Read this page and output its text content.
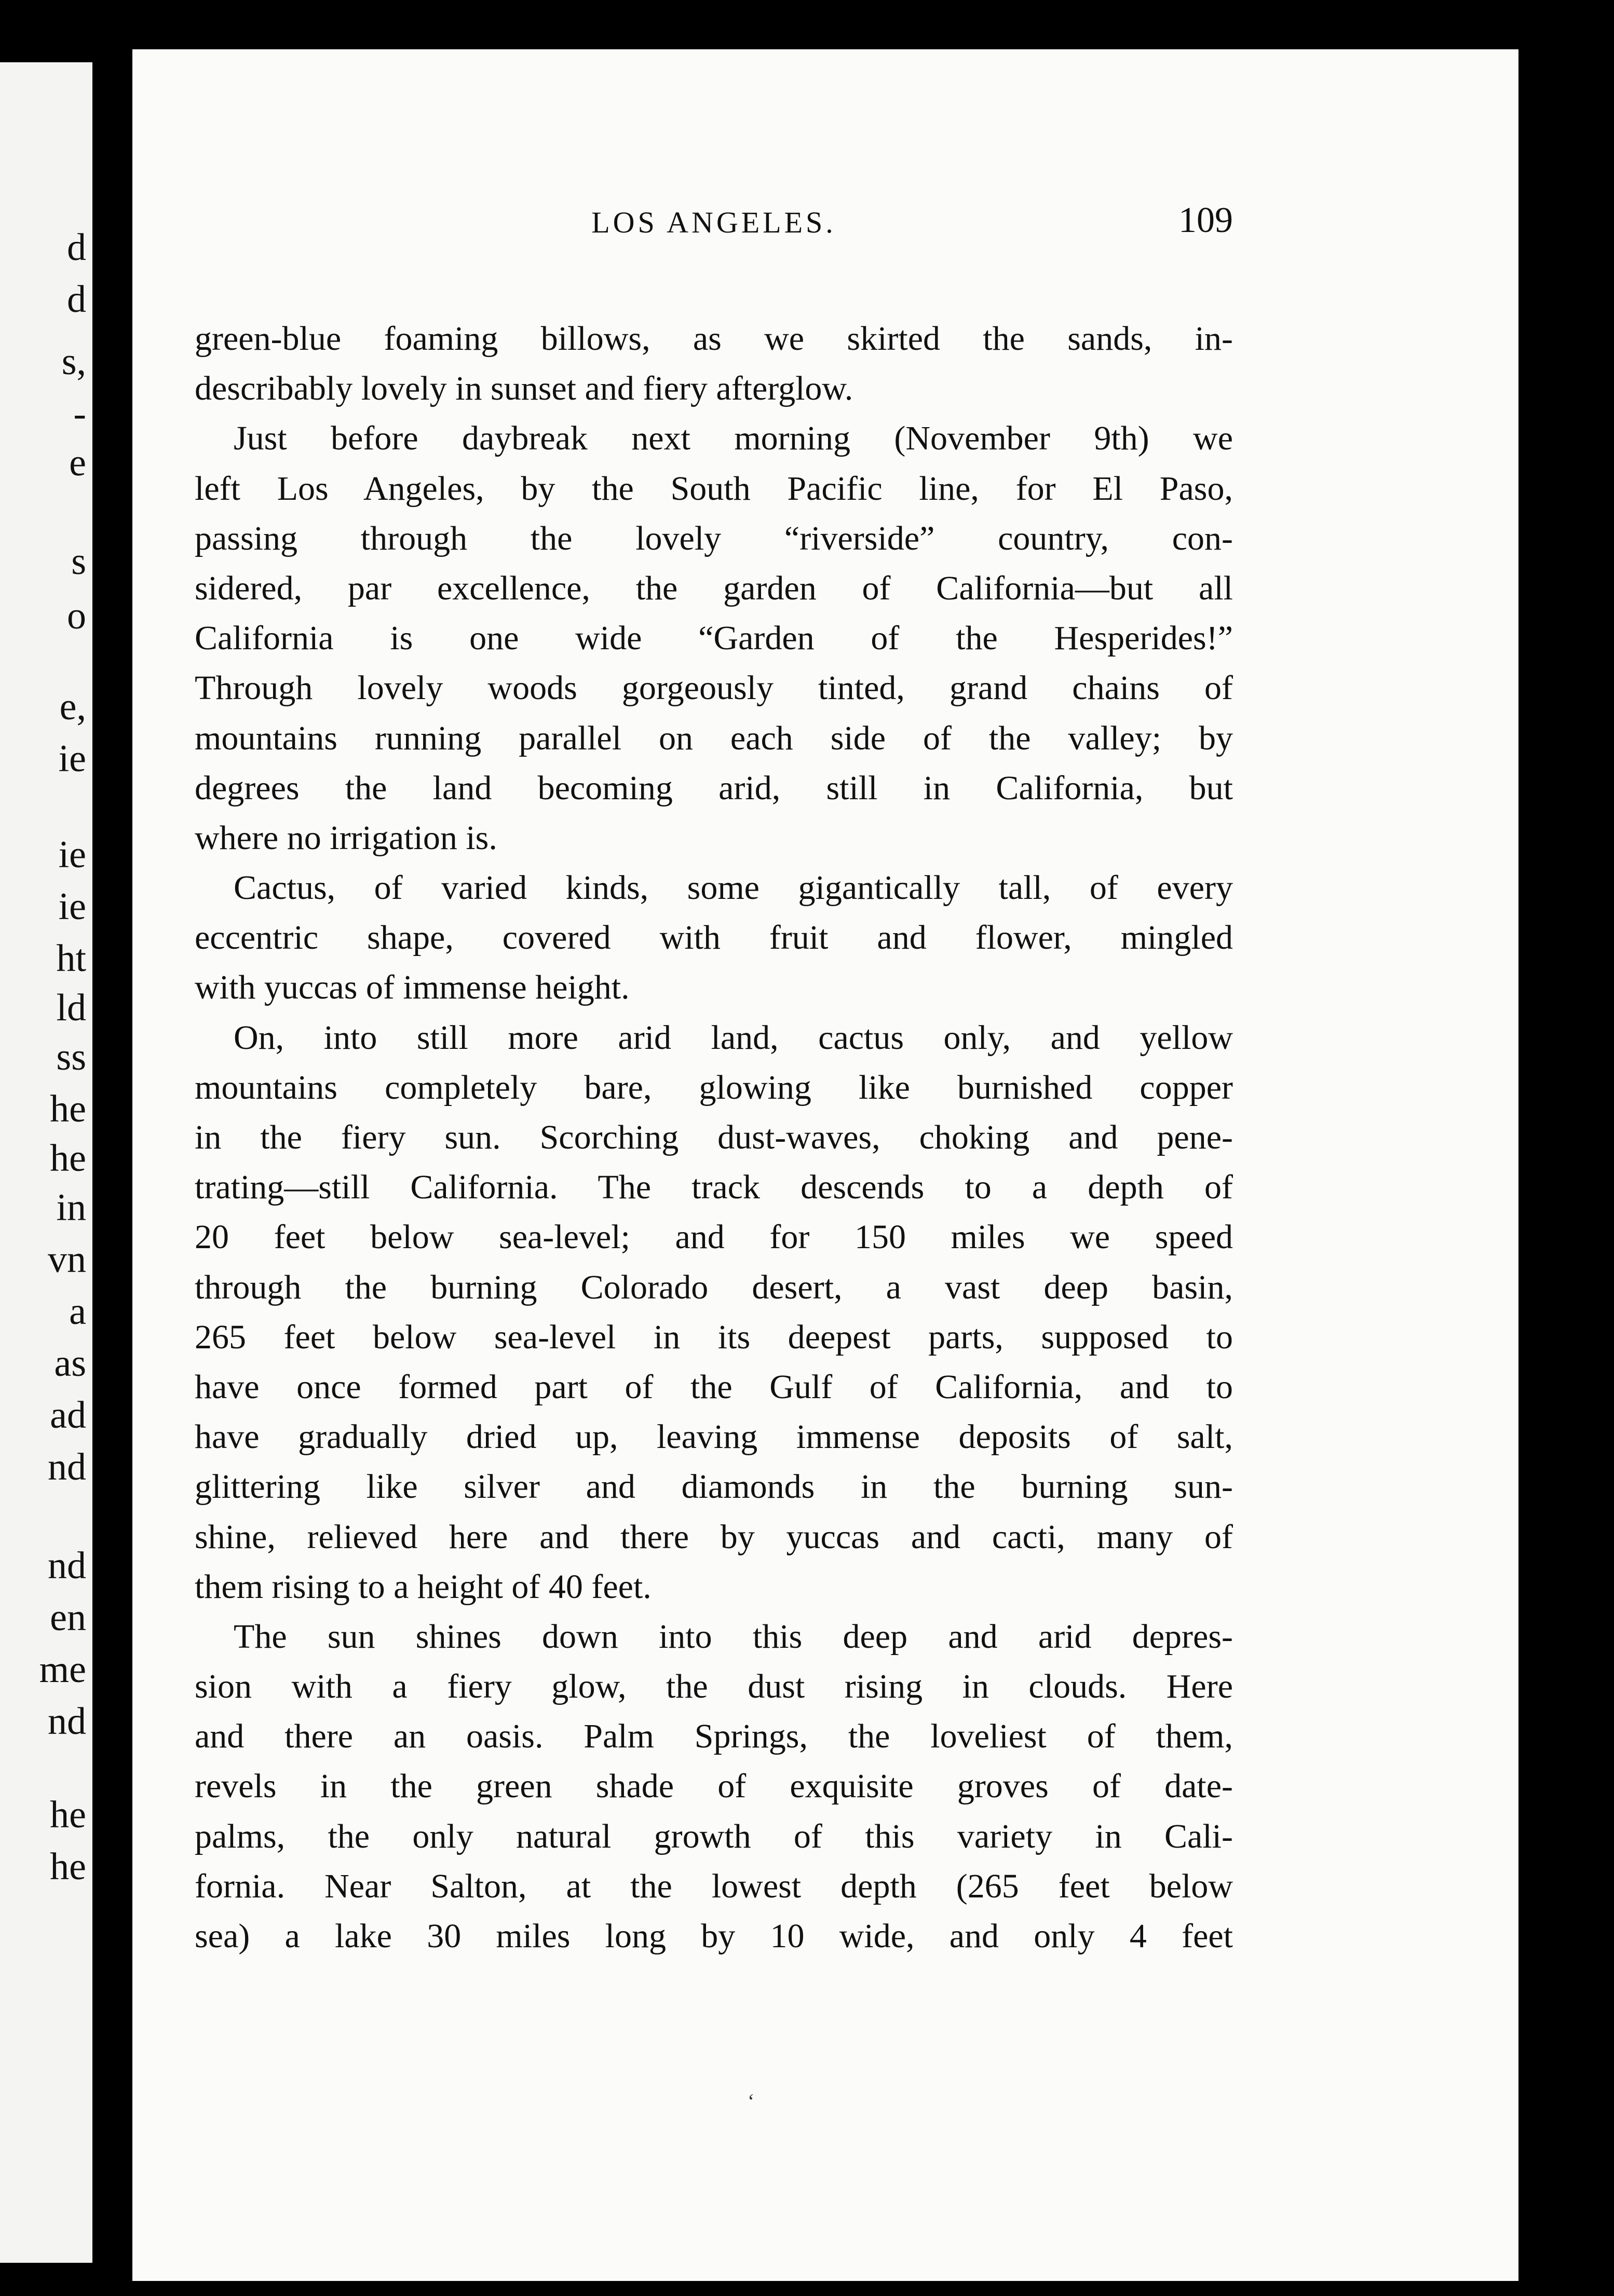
d
d
s,
-
e
s
o
e,
ie
ie
ie
ht
ld
ss
he
he
in
vn
a
as
ad
nd
nd
en
me
nd
he
he
LOS ANGELES.	109
green-blue foaming billows, as we skirted the sands, in-
describably lovely in sunset and fiery afterglow.
Just before daybreak next morning (November 9th) we
left Los Angeles, by the South Pacific line, for El Paso,
passing through the lovely “riverside” country, con-
sidered, par excellence, the garden of California—but all
California is one wide “Garden of the Hesperides!”
Through lovely woods gorgeously tinted, grand chains of
mountains running parallel on each side of the valley; by
degrees the land becoming arid, still in California, but
where no irrigation is.
Cactus, of varied kinds, some gigantically tall, of every
eccentric shape, covered with fruit and flower, mingled
with yuccas of immense height.
On, into still more arid land, cactus only, and yellow
mountains completely bare, glowing like burnished copper
in the fiery sun. Scorching dust-waves, choking and pene-
trating—still California. The track descends to a depth of
20 feet below sea-level; and for 150 miles we speed
through the burning Colorado desert, a vast deep basin,
265 feet below sea-level in its deepest parts, supposed to
have once formed part of the Gulf of California, and to
have gradually dried up, leaving immense deposits of salt,
glittering like silver and diamonds in the burning sun-
shine, relieved here and there by yuccas and cacti, many of
them rising to a height of 40 feet.
The sun shines down into this deep and arid depres-
sion with a fiery glow, the dust rising in clouds. Here
and there an oasis. Palm Springs, the loveliest of them,
revels in the green shade of exquisite groves of date-
palms, the only natural growth of this variety in Cali-
fornia. Near Salton, at the lowest depth (265 feet below
sea) a lake 30 miles long by 10 wide, and only 4 feet
ʻ
